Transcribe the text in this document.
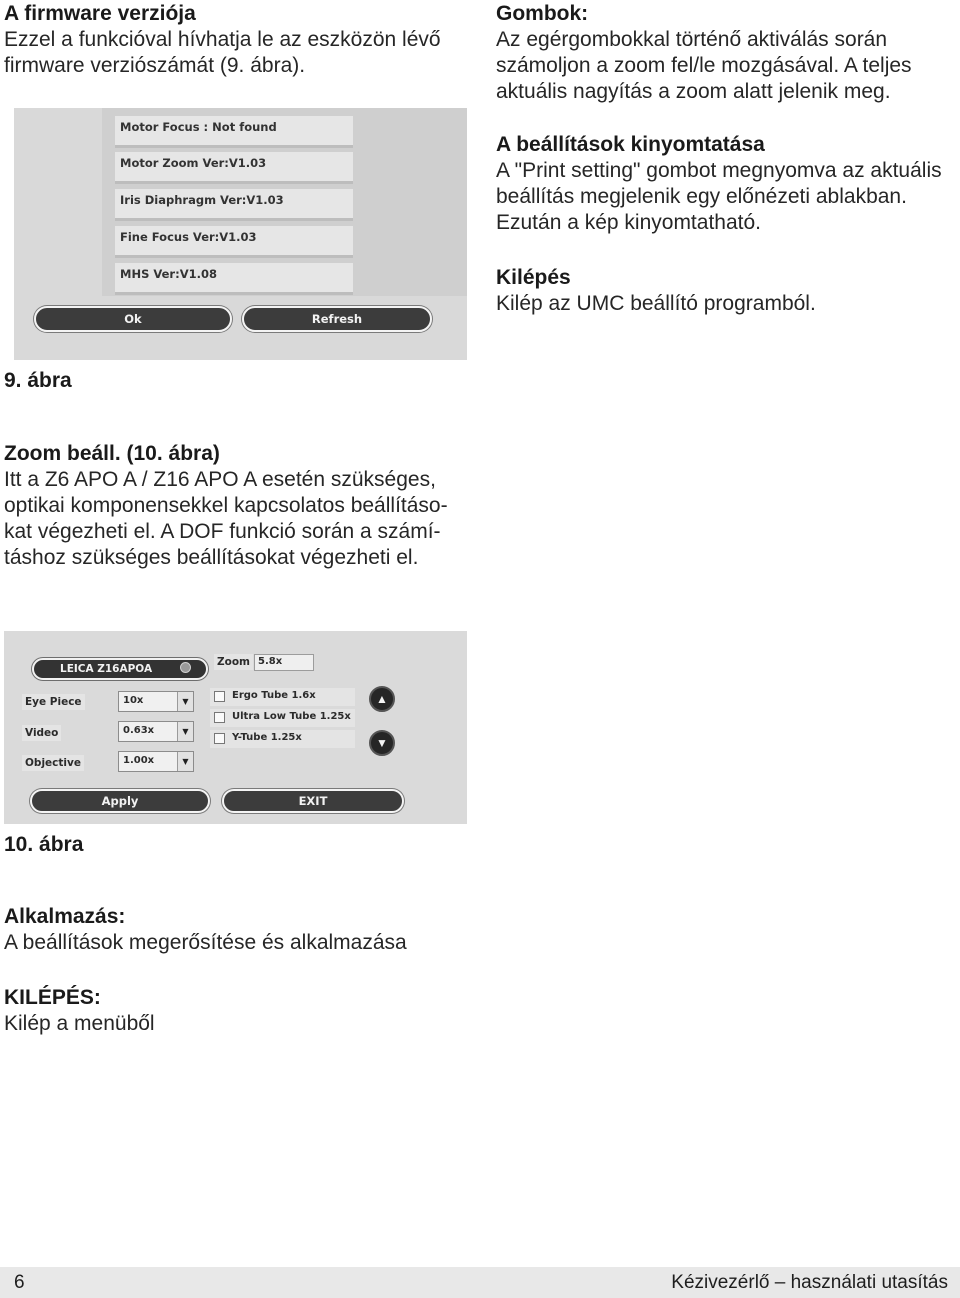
A firmware verziója
Ezzel a funkcióval hívhatja le az eszközön lévő
firmware verziószámát (9. ábra).
Gombok:
Az egérgombokkal történő aktiválás során
számoljon a zoom fel/le mozgásával. A teljes
aktuális nagyítás a zoom alatt jelenik meg.
A beállítások kinyomtatása
A "Print setting" gombot megnyomva az aktuális
beállítás megjelenik egy előnézeti ablakban.
Ezután a kép kinyomtatható.
Kilépés
Kilép az UMC beállító programból.
Motor Focus : Not found
Motor Zoom Ver:V1.03
Iris Diaphragm Ver:V1.03
Fine Focus Ver:V1.03
MHS Ver:V1.08
Ok	Refresh
9. ábra
Zoom beáll. (10. ábra)
Itt a Z6 APO A / Z16 APO A esetén szükséges,
optikai komponensekkel kapcsolatos beállításo-
kat végezheti el. A DOF funkció során a számí-
táshoz szükséges beállításokat végezheti el.
LEICA Z16APOA
Zoom 5.8x
Eye Piece	10x	▼
Video	0.63x	▼
Objective	1.00x	▼
Ergo Tube 1.6x
Ultra Low Tube 1.25x
Y-Tube 1.25x
▲
▼
Apply	EXIT
10. ábra
Alkalmazás:
A beállítások megerősítése és alkalmazása
KILÉPÉS:
Kilép a menüből
6	Kézivezérlő – használati utasítás
